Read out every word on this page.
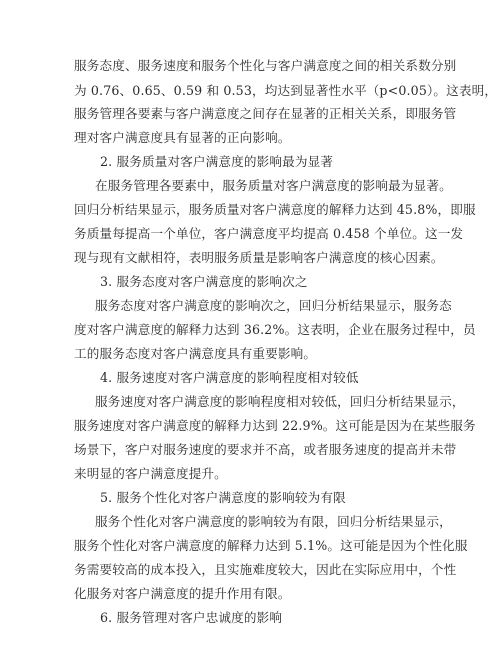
服务态度、服务速度和服务个性化与客户满意度之间的相关系数分别
为 0.76、0.65、0.59 和 0.53，均达到显著性水平（p<0.05）。这表明，
服务管理各要素与客户满意度之间存在显著的正相关关系，即服务管
理对客户满意度具有显著的正向影响。
2. 服务质量对客户满意度的影响最为显著
在服务管理各要素中，服务质量对客户满意度的影响最为显著。
回归分析结果显示，服务质量对客户满意度的解释力达到 45.8%，即服
务质量每提高一个单位，客户满意度平均提高 0.458 个单位。这一发
现与现有文献相符，表明服务质量是影响客户满意度的核心因素。
3. 服务态度对客户满意度的影响次之
服务态度对客户满意度的影响次之，回归分析结果显示，服务态
度对客户满意度的解释力达到 36.2%。这表明，企业在服务过程中，员
工的服务态度对客户满意度具有重要影响。
4. 服务速度对客户满意度的影响程度相对较低
服务速度对客户满意度的影响程度相对较低，回归分析结果显示，
服务速度对客户满意度的解释力达到 22.9%。这可能是因为在某些服务
场景下，客户对服务速度的要求并不高，或者服务速度的提高并未带
来明显的客户满意度提升。
5. 服务个性化对客户满意度的影响较为有限
服务个性化对客户满意度的影响较为有限，回归分析结果显示，
服务个性化对客户满意度的解释力达到 5.1%。这可能是因为个性化服
务需要较高的成本投入，且实施难度较大，因此在实际应用中，个性
化服务对客户满意度的提升作用有限。
6. 服务管理对客户忠诚度的影响
